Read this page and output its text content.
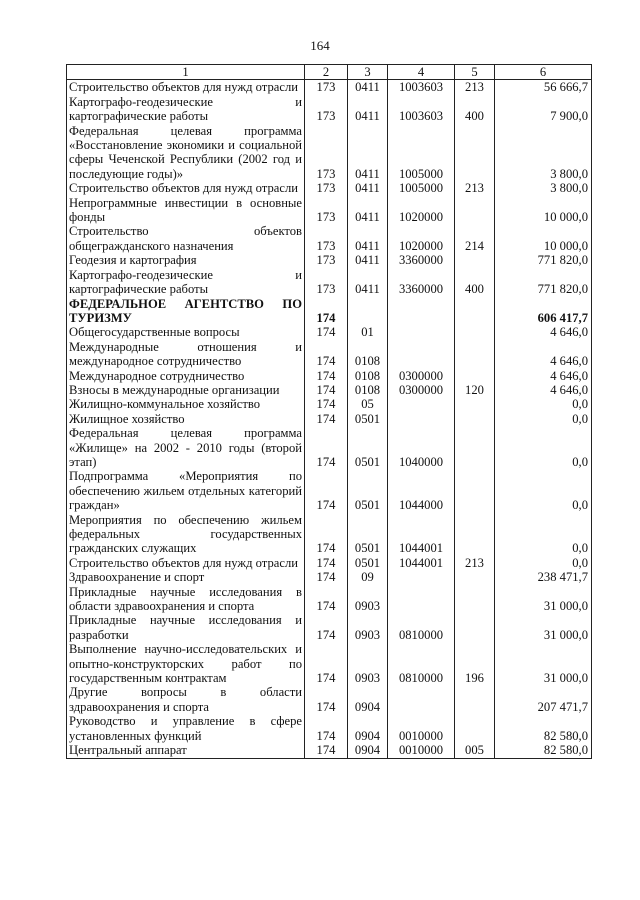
164
1	2	3	4	5	6
Строительство объектов для нужд отрасли	173	0411	1003603	213	56 666,7
Картографо-геодезические и картографические работы	173	0411	1003603	400	7 900,0
Федеральная целевая программа «Восстановление экономики и социальной сферы Чеченской Республики (2002 год и последующие годы)»	173	0411	1005000		3 800,0
Строительство объектов для нужд отрасли	173	0411	1005000	213	3 800,0
Непрограммные инвестиции в основные фонды	173	0411	1020000		10 000,0
Строительство объектов общегражданского назначения	173	0411	1020000	214	10 000,0
Геодезия и картография	173	0411	3360000		771 820,0
Картографо-геодезические и картографические работы	173	0411	3360000	400	771 820,0
ФЕДЕРАЛЬНОЕ АГЕНТСТВО ПО ТУРИЗМУ	174				606 417,7
Общегосударственные вопросы	174	01			4 646,0
Международные отношения и международное сотрудничество	174	0108			4 646,0
Международное сотрудничество	174	0108	0300000		4 646,0
Взносы в международные организации	174	0108	0300000	120	4 646,0
Жилищно-коммунальное хозяйство	174	05			0,0
Жилищное хозяйство	174	0501			0,0
Федеральная целевая программа «Жилище» на 2002 - 2010 годы (второй этап)	174	0501	1040000		0,0
Подпрограмма «Мероприятия по обеспечению жильем отдельных категорий граждан»	174	0501	1044000		0,0
Мероприятия по обеспечению жильем федеральных государственных гражданских служащих	174	0501	1044001		0,0
Строительство объектов для нужд отрасли	174	0501	1044001	213	0,0
Здравоохранение и спорт	174	09			238 471,7
Прикладные научные исследования в области здравоохранения и спорта	174	0903			31 000,0
Прикладные научные исследования и разработки	174	0903	0810000		31 000,0
Выполнение научно-исследовательских и опытно-конструкторских работ по государственным контрактам	174	0903	0810000	196	31 000,0
Другие вопросы в области здравоохранения и спорта	174	0904			207 471,7
Руководство и управление в сфере установленных функций	174	0904	0010000		82 580,0
Центральный аппарат	174	0904	0010000	005	82 580,0
